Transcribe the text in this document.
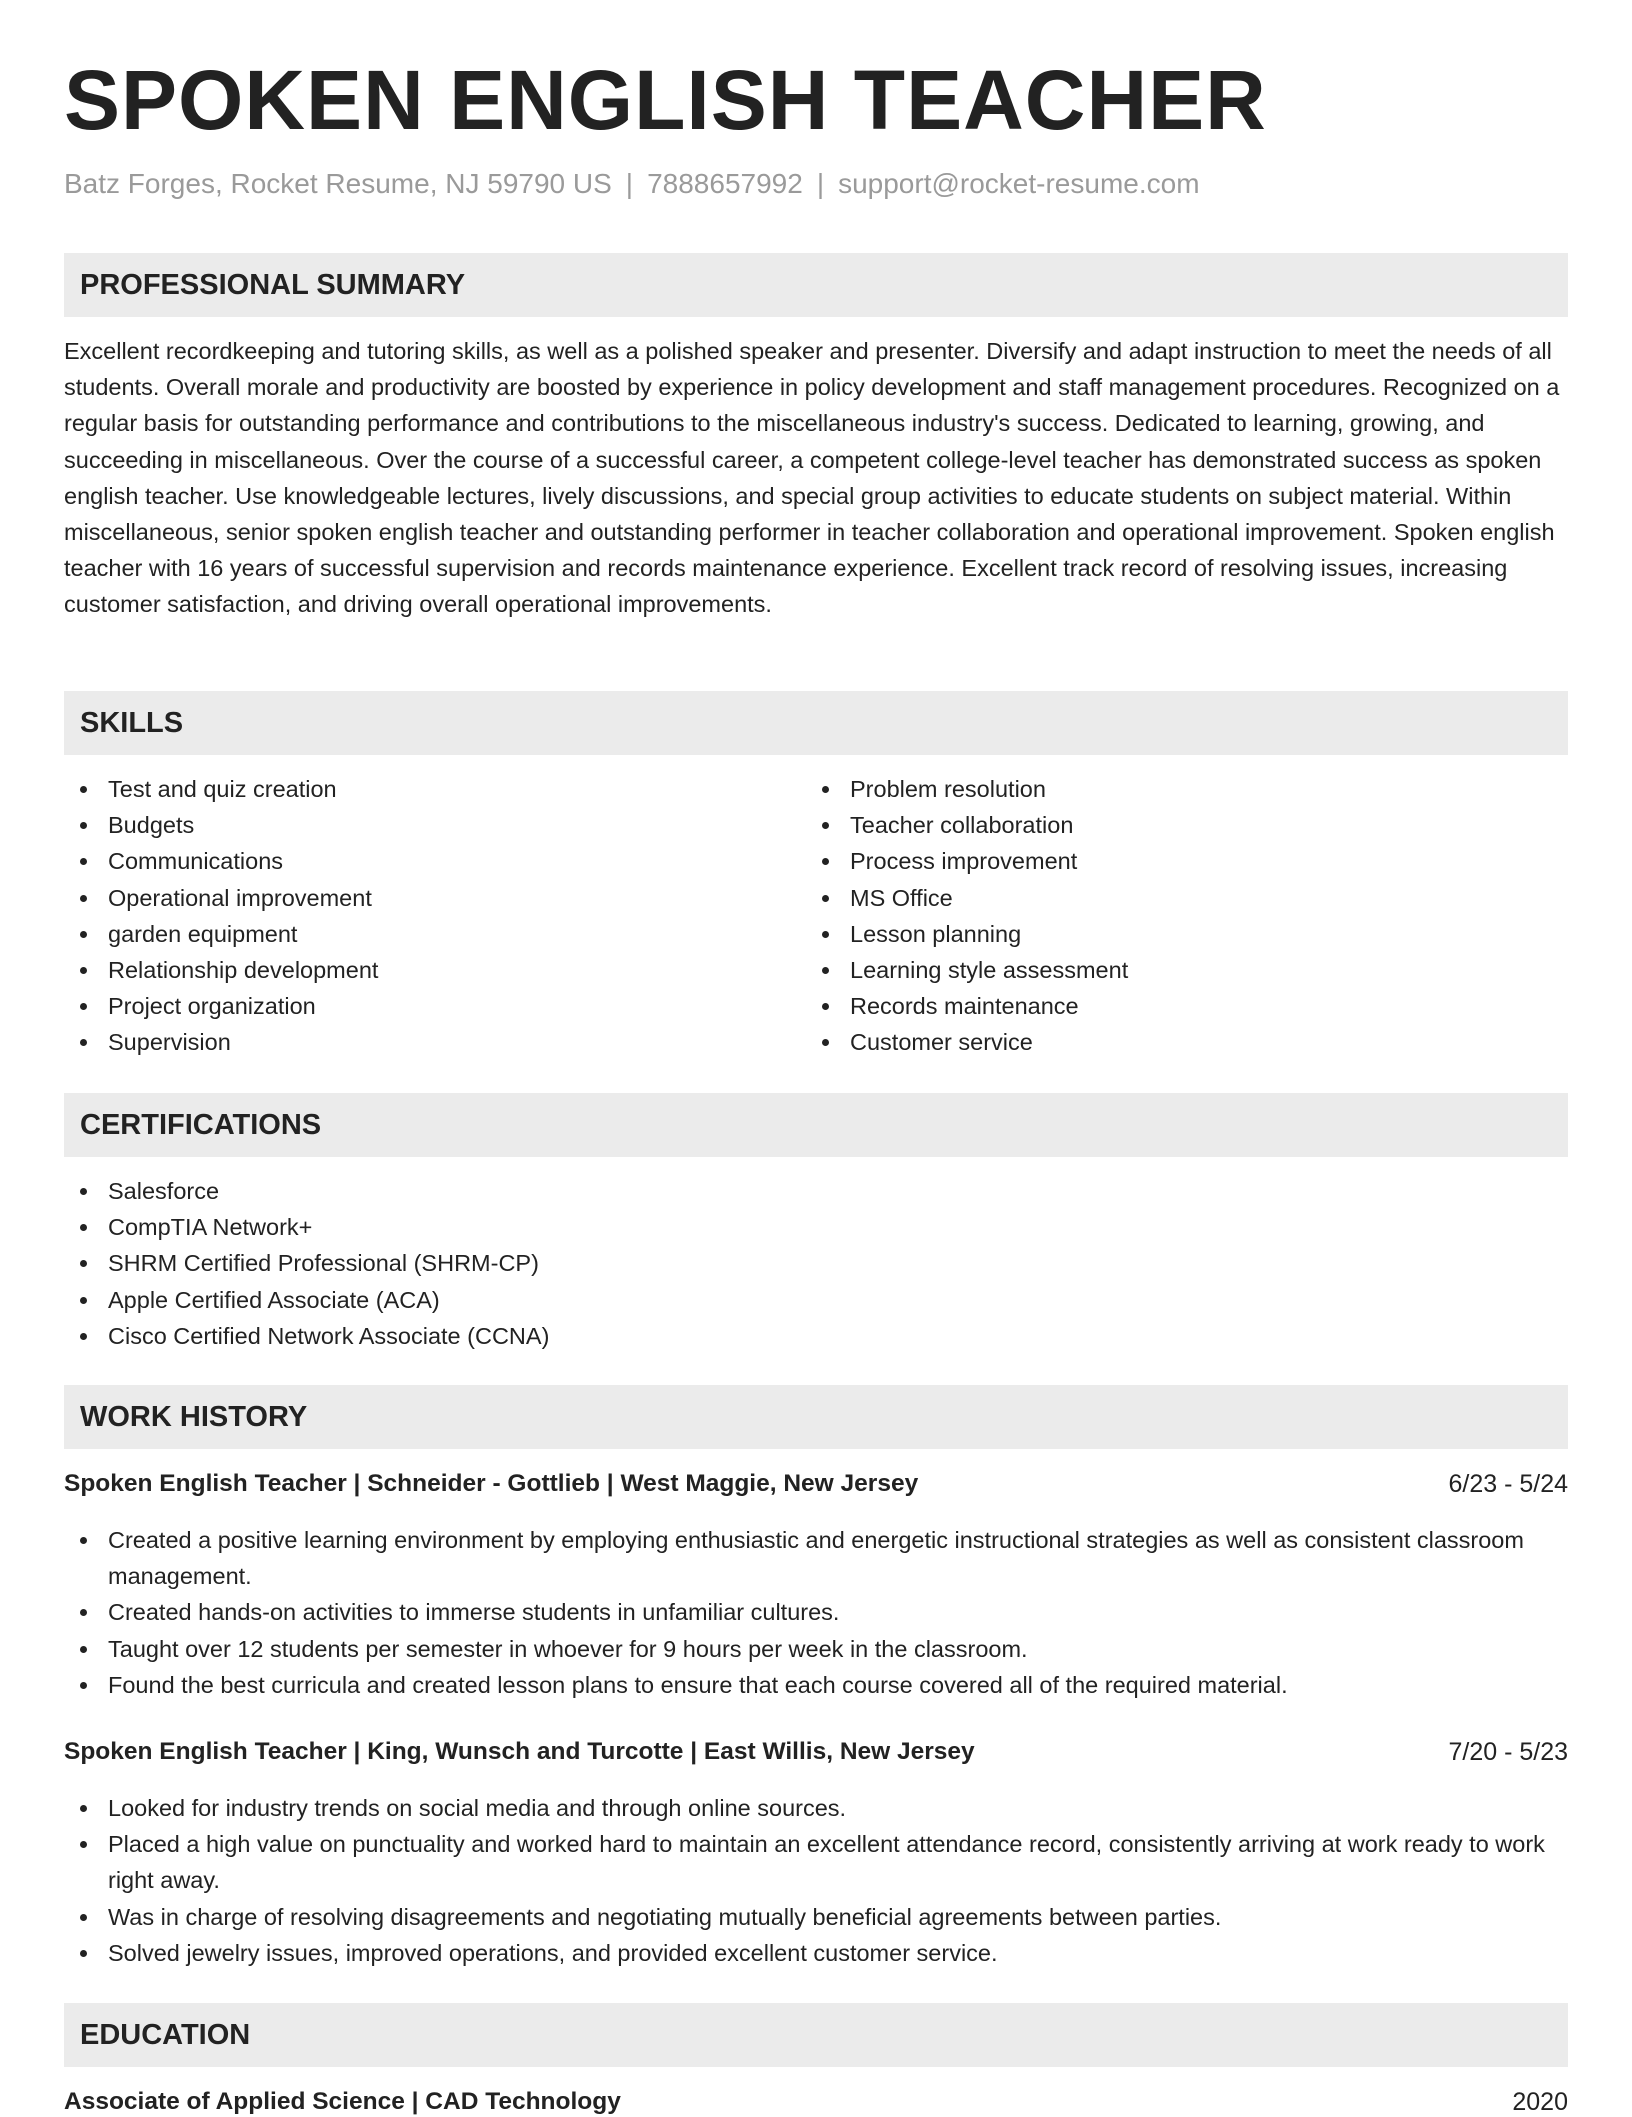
SPOKEN ENGLISH TEACHER
Batz Forges, Rocket Resume, NJ 59790 US | 7888657992 | support@rocket-resume.com
PROFESSIONAL SUMMARY

Excellent recordkeeping and tutoring skills, as well as a polished speaker and presenter. Diversify and adapt instruction to meet the needs of all students. Overall morale and productivity are boosted by experience in policy development and staff management procedures. Recognized on a regular basis for outstanding performance and contributions to the miscellaneous industry's success. Dedicated to learning, growing, and succeeding in miscellaneous. Over the course of a successful career, a competent college-level teacher has demonstrated success as spoken english teacher. Use knowledgeable lectures, lively discussions, and special group activities to educate students on subject material. Within miscellaneous, senior spoken english teacher and outstanding performer in teacher collaboration and operational improvement. Spoken english teacher with 16 years of successful supervision and records maintenance experience. Excellent track record of resolving issues, increasing customer satisfaction, and driving overall operational improvements.

SKILLS
Test and quiz creation
Budgets
Communications
Operational improvement
garden equipment
Relationship development
Project organization
Supervision
Problem resolution
Teacher collaboration
Process improvement
MS Office
Lesson planning
Learning style assessment
Records maintenance
Customer service
CERTIFICATIONS
Salesforce
CompTIA Network+
SHRM Certified Professional (SHRM-CP)
Apple Certified Associate (ACA)
Cisco Certified Network Associate (CCNA)
WORK HISTORY
Spoken English Teacher | Schneider - Gottlieb | West Maggie, New Jersey	6/23 - 5/24
Created a positive learning environment by employing enthusiastic and energetic instructional strategies as well as consistent classroom management.
Created hands-on activities to immerse students in unfamiliar cultures.
Taught over 12 students per semester in whoever for 9 hours per week in the classroom.
Found the best curricula and created lesson plans to ensure that each course covered all of the required material.
Spoken English Teacher | King, Wunsch and Turcotte | East Willis, New Jersey	7/20 - 5/23
Looked for industry trends on social media and through online sources.
Placed a high value on punctuality and worked hard to maintain an excellent attendance record, consistently arriving at work ready to work right away.
Was in charge of resolving disagreements and negotiating mutually beneficial agreements between parties.
Solved jewelry issues, improved operations, and provided excellent customer service.
EDUCATION
Associate of Applied Science | CAD Technology	2020
